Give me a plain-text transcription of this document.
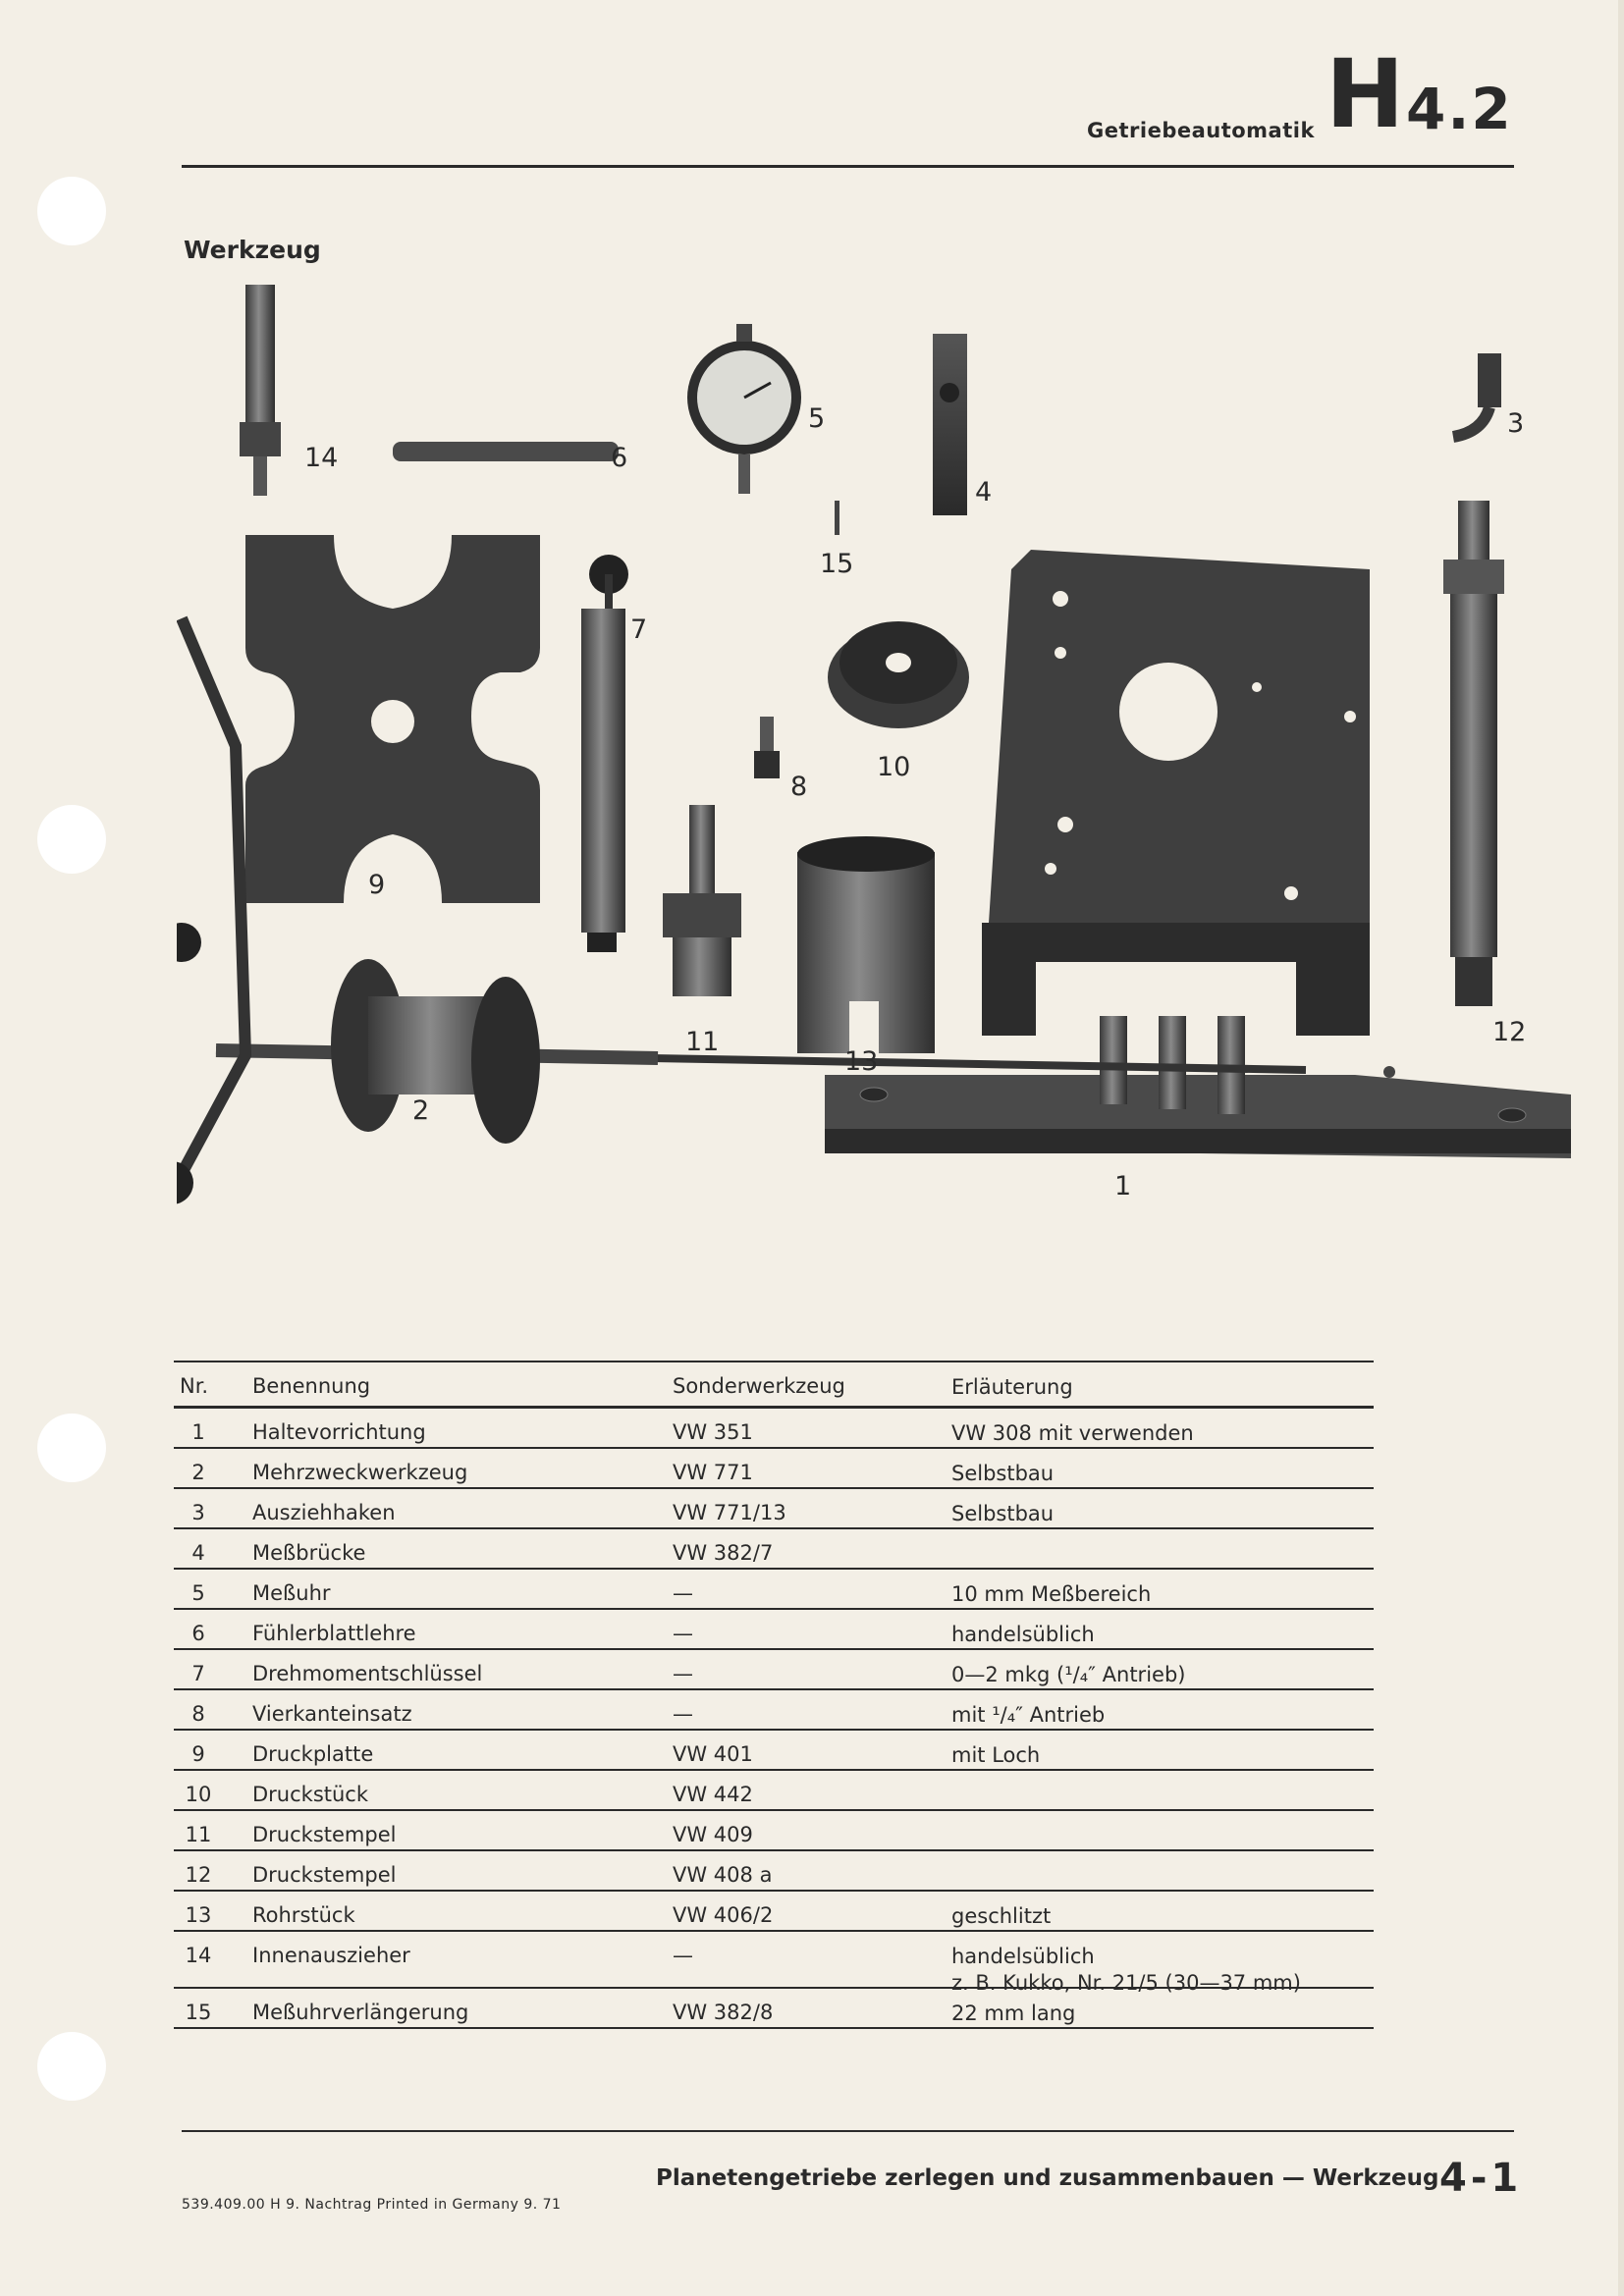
Getriebeautomatik H 4.2
Werkzeug
1
2
3
4
5
6
7
8
9
10
11	12
13
14
15
Nr.	Benennung	Sonderwerkzeug	Erläuterung
1	Haltevorrichtung	VW 351	VW 308 mit verwenden
2	Mehrzweckwerkzeug	VW 771	Selbstbau
3	Ausziehhaken	VW 771/13	Selbstbau
4	Meßbrücke	VW 382/7
5	Meßuhr	—	10 mm Meßbereich
6	Fühlerblattlehre	—	handelsüblich
7	Drehmomentschlüssel	—	0—2 mkg (¹/₄″ Antrieb)
8	Vierkanteinsatz	—	mit ¹/₄″ Antrieb
9	Druckplatte	VW 401	mit Loch
10	Druckstück	VW 442
11	Druckstempel	VW 409
12	Druckstempel	VW 408 a
13	Rohrstück	VW 406/2	geschlitzt
14	Innenauszieher	—	handelsüblich
z. B. Kukko, Nr. 21/5 (30—37 mm)
15	Meßuhrverlängerung	VW 382/8	22 mm lang
Planetengetriebe zerlegen und zusammenbauen — Werkzeug 4-1
539.409.00 H 9. Nachtrag Printed in Germany 9. 71
